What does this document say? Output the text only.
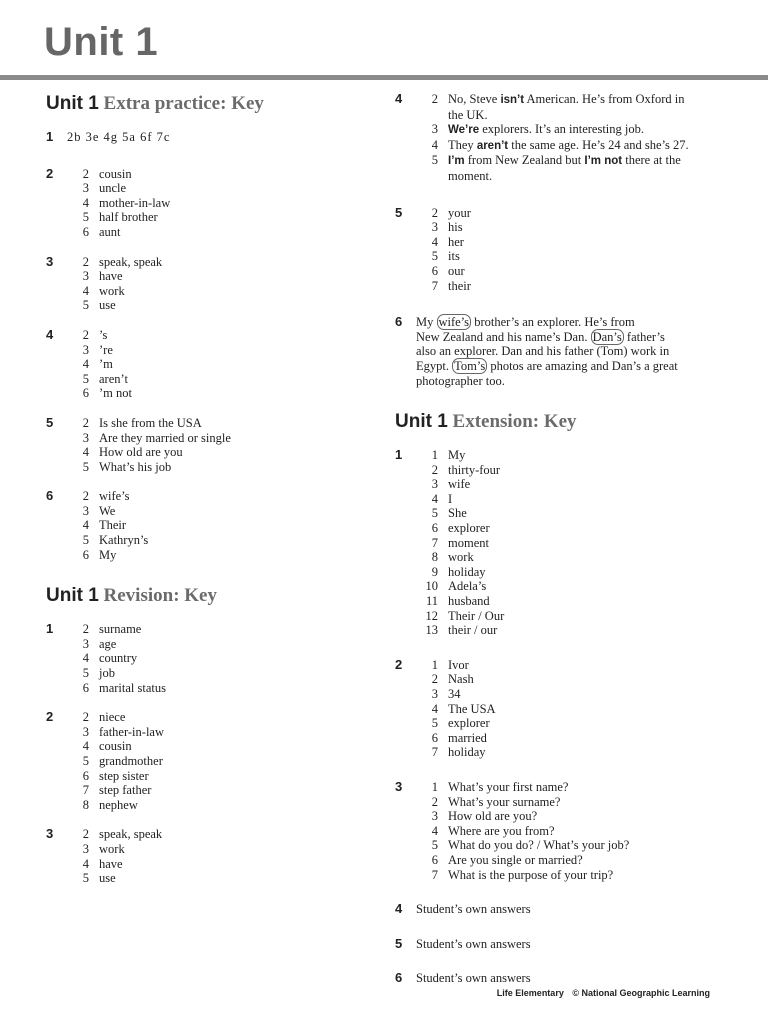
Unit 1
Unit 1 Extra practice: Key
1	2b 3e 4g 5a 6f 7c
2	2 cousin
3 uncle
4 mother-in-law
5 half brother
6 aunt
3	2 speak, speak
3 have
4 work
5 use
4	2 ’s
3 ’re
4 ’m
5 aren’t
6 ’m not
5	2 Is she from the USA
3 Are they married or single
4 How old are you
5 What’s his job
6	2 wife’s
3 We
4 Their
5 Kathryn’s
6 My
Unit 1 Revision: Key
1	2 surname
3 age
4 country
5 job
6 marital status
2	2 niece
3 father-in-law
4 cousin
5 grandmother
6 step sister
7 step father
8 nephew
3	2 speak, speak
3 work
4 have
5 use
4	2 No, Steve isn’t American. He’s from Oxford in
the UK.
3 We’re explorers. It’s an interesting job.
4 They aren’t the same age. He’s 24 and she’s 27.
5 I’m from New Zealand but I’m not there at the
moment.
5	2 your
3 his
4 her
5 its
6 our
7 their
6	My wife’s brother’s an explorer. He’s from
New Zealand and his name’s Dan. Dan’s father’s
also an explorer. Dan and his father (Tom) work in
Egypt. Tom’s photos are amazing and Dan’s a great
photographer too.
Unit 1 Extension: Key
1	1 My
2 thirty-four
3 wife
4 I
5 She
6 explorer
7 moment
8 work
9 holiday
10 Adela’s
11 husband
12 Their / Our
13 their / our
2	1 Ivor
2 Nash
3 34
4 The USA
5 explorer
6 married
7 holiday
3	1 What’s your first name?
2 What’s your surname?
3 How old are you?
4 Where are you from?
5 What do you do? / What’s your job?
6 Are you single or married?
7 What is the purpose of your trip?
4	Student’s own answers
5	Student’s own answers
6	Student’s own answers
Life Elementary © National Geographic Learning
